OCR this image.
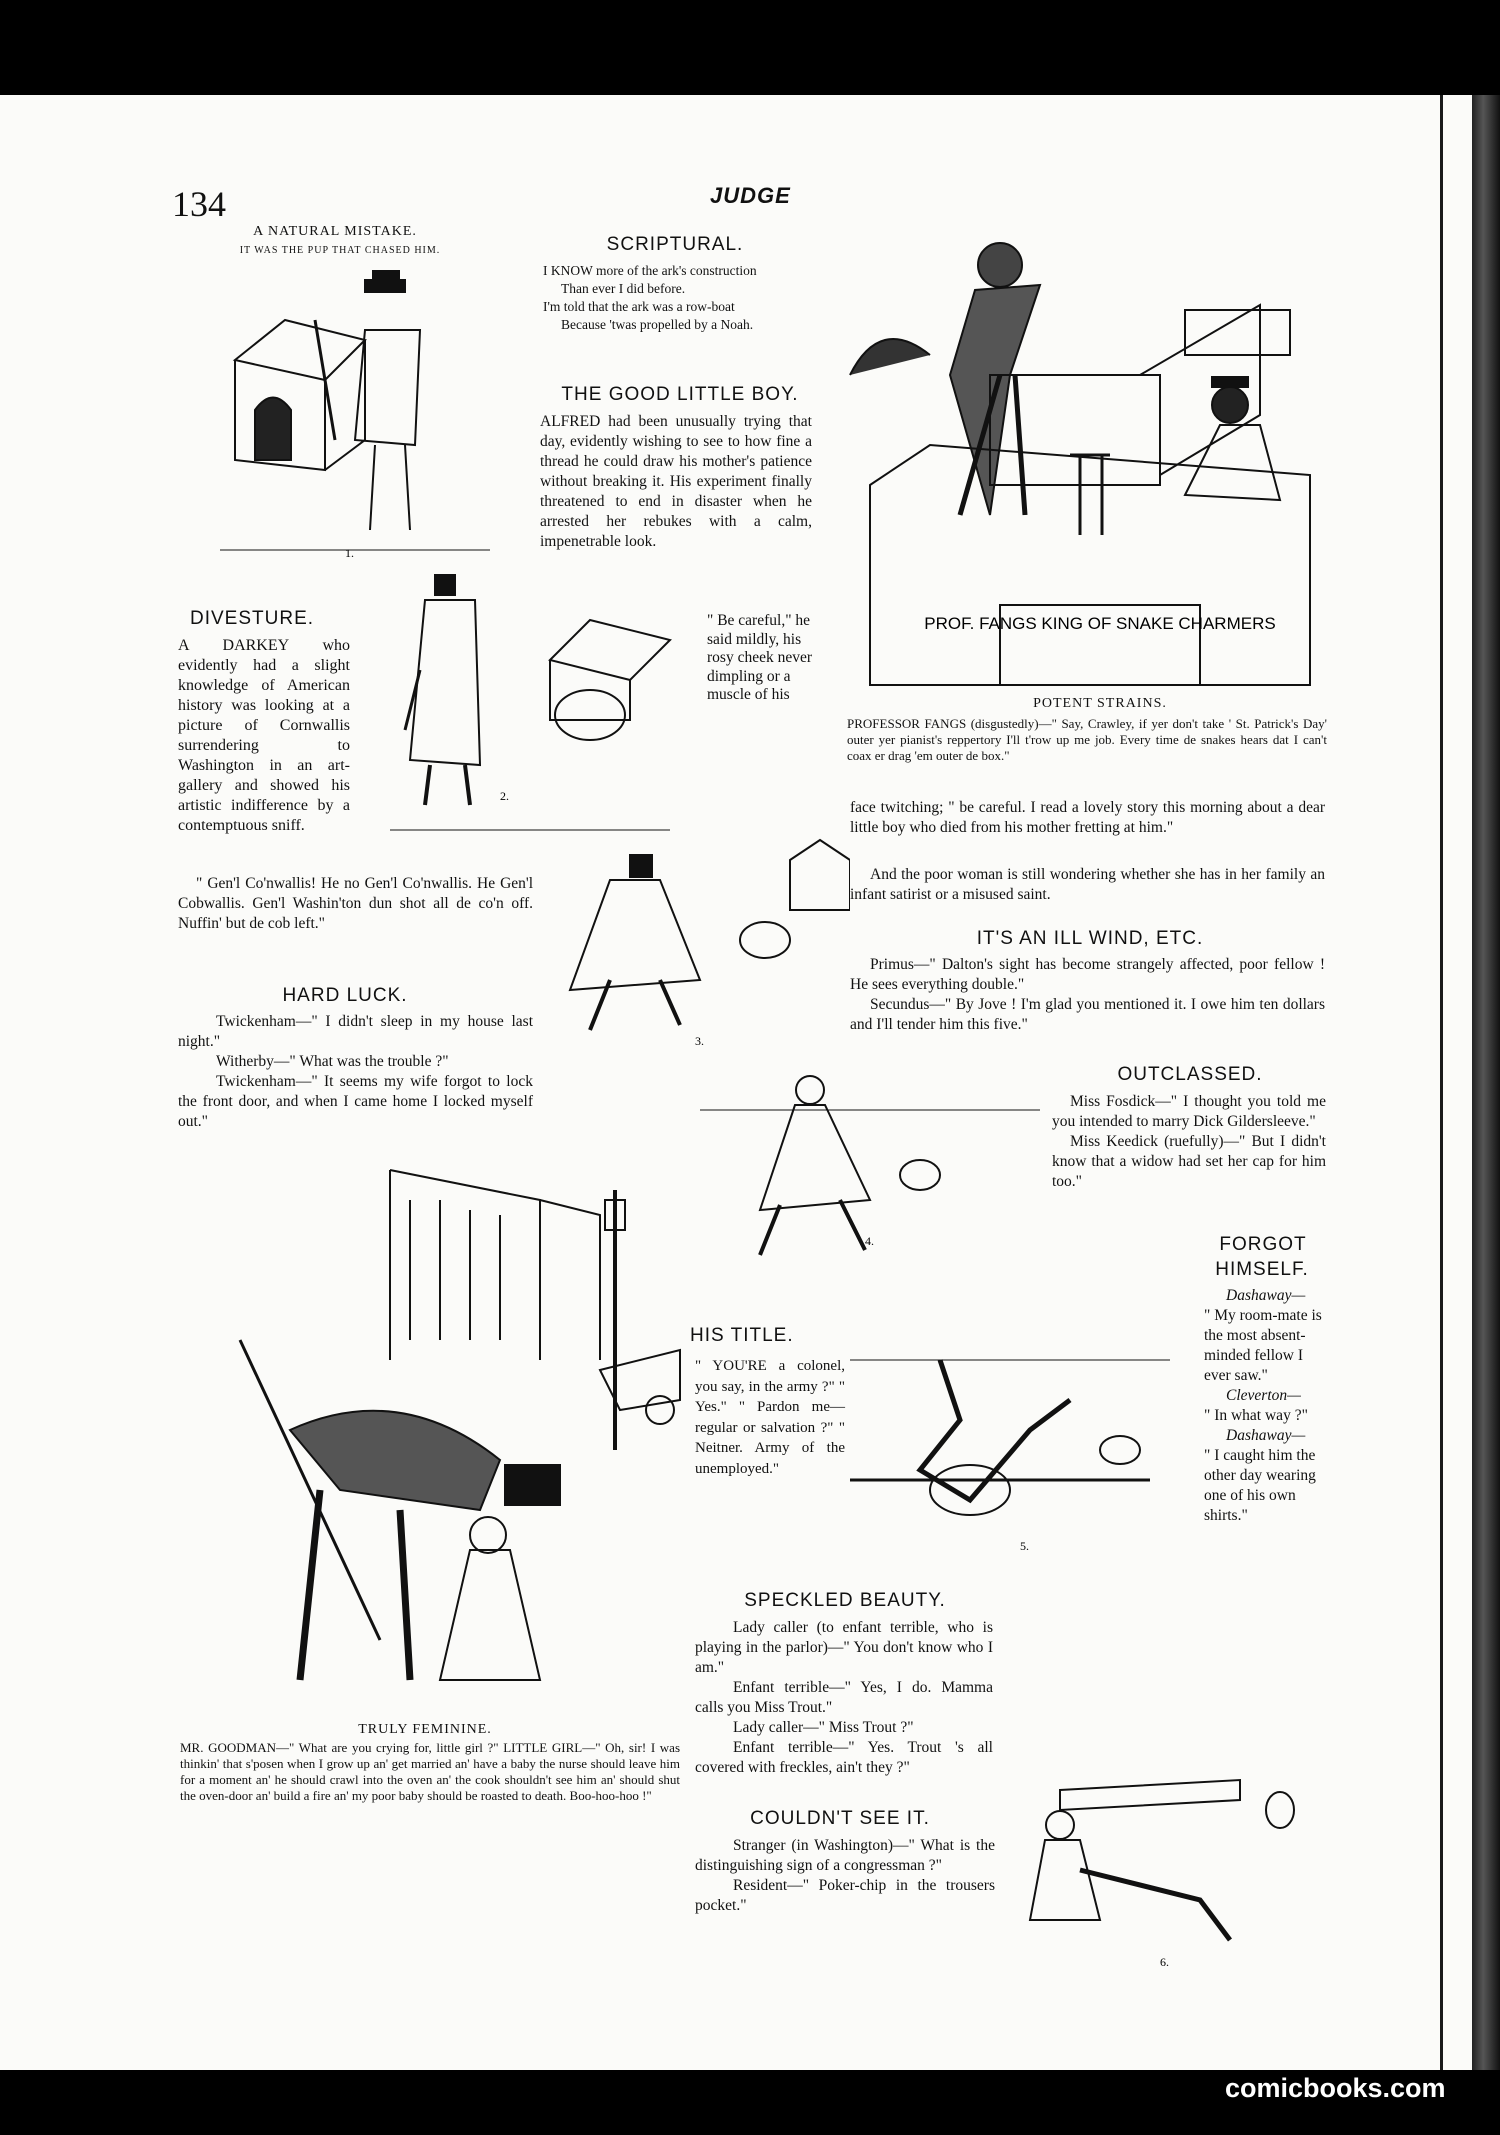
134	JUDGE
A NATURAL MISTAKE.
IT WAS THE PUP THAT CHASED HIM.
1.
SCRIPTURAL.
I KNOW more of the ark's construction
Than ever I did before.
I'm told that the ark was a row-boat
Because 'twas propelled by a Noah.
THE GOOD LITTLE BOY.
ALFRED had been unusually trying that day, evidently wishing to see to how fine a thread he could draw his mother's patience without breaking it. His experiment finally threatened to end in disaster when he arrested her rebukes with a calm, impenetrable look.
" Be careful," he said mildly, his rosy cheek never dimpling or a muscle of his
face twitching; " be careful. I read a lovely story this morning about a dear little boy who died from his mother fretting at him."
And the poor woman is still wondering whether she has in her family an infant satirist or a misused saint.
PROF. FANGS KING OF SNAKE CHARMERS
POTENT STRAINS.
PROFESSOR FANGS (disgustedly)—" Say, Crawley, if yer don't take ' St. Patrick's Day' outer yer pianist's reppertory I'll t'row up me job. Every time de snakes hears dat I can't coax er drag 'em outer de box."
DIVESTURE.
A DARKEY who evidently had a slight knowledge of American history was looking at a picture of Cornwallis surrendering to Washington in an art-gallery and showed his artistic indifference by a contemptuous sniff.
" Gen'l Co'nwallis! He no Gen'l Co'nwallis. He Gen'l Cobwallis. Gen'l Washin'ton dun shot all de co'n off. Nuffin' but de cob left."
2.
3.
HARD LUCK.
Twickenham—" I didn't sleep in my house last night."
Witherby—" What was the trouble ?"
Twickenham—" It seems my wife forgot to lock the front door, and when I came home I locked myself out."
IT'S AN ILL WIND, ETC.
Primus—" Dalton's sight has become strangely affected, poor fellow ! He sees everything double."
Secundus—" By Jove ! I'm glad you mentioned it. I owe him ten dollars and I'll tender him this five."
4.
OUTCLASSED.
Miss Fosdick—" I thought you told me you intended to marry Dick Gildersleeve."
Miss Keedick (ruefully)—" But I didn't know that a widow had set her cap for him too."
FORGOT
HIMSELF.
Dashaway—
" My room-mate is the most absent-minded fellow I ever saw."
Cleverton—
" In what way ?"
Dashaway—
" I caught him the other day wearing one of his own shirts."
TRULY FEMININE.
MR. GOODMAN—" What are you crying for, little girl ?" LITTLE GIRL—" Oh, sir! I was thinkin' that s'posen when I grow up an' get married an' have a baby the nurse should leave him for a moment an' he should crawl into the oven an' the cook shouldn't see him an' should shut the oven-door an' build a fire an' my poor baby should be roasted to death. Boo-hoo-hoo !"
HIS TITLE.
" YOU'RE a colonel, you say, in the army ?" " Yes." " Pardon me—regular or salvation ?" " Neitner. Army of the unemployed."
5.
SPECKLED BEAUTY.
Lady caller (to enfant terrible, who is playing in the parlor)—" You don't know who I am."
Enfant terrible—" Yes, I do. Mamma calls you Miss Trout."
Lady caller—" Miss Trout ?"
Enfant terrible—" Yes. Trout 's all covered with freckles, ain't they ?"
COULDN'T SEE IT.
Stranger (in Washington)—" What is the distinguishing sign of a congressman ?"
Resident—" Poker-chip in the trousers pocket."
6.
comicbooks.com
